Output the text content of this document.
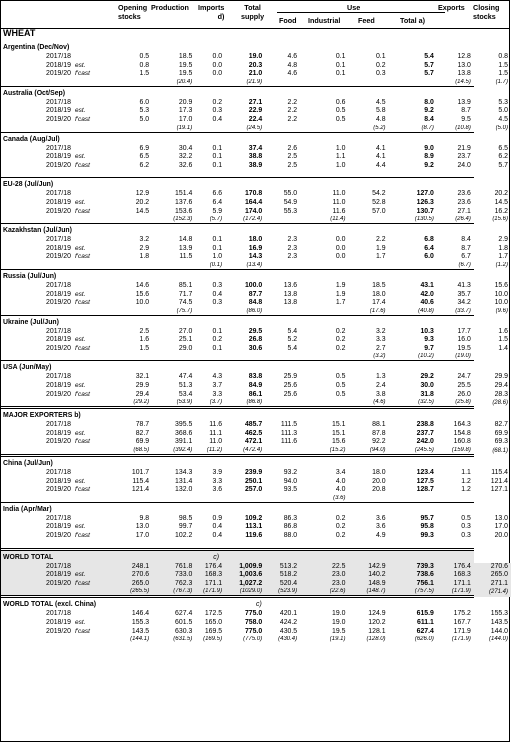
Opening
stocks
Production Imports
d)
Total
supply
Use
Food Industrial Feed	Total a)
Exports Closing
stocks
WHEAT
Argentina (Dec/Nov)													
		2017/18		0.5	18.5	0.0	19.0	4.6	0.1	0.1	5.4	12.8	0.8
		2018/19	est.	0.8	19.5	0.0	20.3	4.8	0.1	0.2	5.7	13.0	1.5
		2019/20	f'cast	1.5	19.5	0.0	21.0	4.6	0.1	0.3	5.7	13.8	1.5
					(20.4)		(21.9)					(14.5)	(1.7)
Australia (Oct/Sep)													
		2017/18		6.0	20.9	0.2	27.1	2.2	0.6	4.5	8.0	13.9	5.3
		2018/19	est.	5.3	17.3	0.3	22.9	2.2	0.5	5.8	9.2	8.7	5.0
		2019/20	f'cast	5.0	17.0	0.4	22.4	2.2	0.5	4.8	8.4	9.5	4.5
					(19.1)		(24.5)			(5.2)	(8.7)	(10.8)	(5.0)
Canada (Aug/Jul)													
		2017/18		6.9	30.4	0.1	37.4	2.6	1.0	4.1	9.0	21.9	6.5
		2018/19	est.	6.5	32.2	0.1	38.8	2.5	1.1	4.1	8.9	23.7	6.2
		2019/20	f'cast	6.2	32.6	0.1	38.9	2.5	1.0	4.4	9.2	24.0	5.7

EU-28 (Jul/Jun)													
		2017/18		12.9	151.4	6.6	170.8	55.0	11.0	54.2	127.0	23.6	20.2
		2018/19	est.	20.2	137.6	6.4	164.4	54.9	11.0	52.8	126.3	23.6	14.5
		2019/20	f'cast	14.5	153.6	5.9	174.0	55.3	11.6	57.0	130.7	27.1	16.2
					(152.3)	(5.7)	(172.4)		(11.4)		(130.5)	(26.4)	(15.6)
Kazakhstan (Jul/Jun)													
		2017/18		3.2	14.8	0.1	18.0	2.3	0.0	2.2	6.8	8.4	2.9
		2018/19	est.	2.9	13.9	0.1	16.9	2.3	0.0	1.9	6.4	8.7	1.8
		2019/20	f'cast	1.8	11.5	1.0	14.3	2.3	0.0	1.7	6.0	6.7	1.7
						(0.1)	(13.4)					(6.7)	(1.2)
Russia (Jul/Jun)													
		2017/18		14.6	85.1	0.3	100.0	13.6	1.9	18.5	43.1	41.3	15.6
		2018/19	est.	15.6	71.7	0.4	87.7	13.8	1.9	18.0	42.0	35.7	10.0
		2019/20	f'cast	10.0	74.5	0.3	84.8	13.8	1.7	17.4	40.6	34.2	10.0
					(75.7)		(86.0)			(17.6)	(40.8)	(33.7)	(9.6)
Ukraine (Jul/Jun)													
		2017/18		2.5	27.0	0.1	29.5	5.4	0.2	3.2	10.3	17.7	1.6
		2018/19	est.	1.6	25.1	0.2	26.8	5.2	0.2	3.3	9.3	16.0	1.5
		2019/20	f'cast	1.5	29.0	0.1	30.6	5.4	0.2	2.7	9.7	19.5	1.4
										(3.2)	(10.2)	(19.0)	
USA (Jun/May)													
		2017/18		32.1	47.4	4.3	83.8	25.9	0.5	1.3	29.2	24.7	29.9
		2018/19	est.	29.9	51.3	3.7	84.9	25.6	0.5	2.4	30.0	25.5	29.4
		2019/20	f'cast	29.4	53.4	3.3	86.1	25.6	0.5	3.8	31.8	26.0	28.3
				(29.2)	(53.9)	(3.7)	(86.8)			(4.6)	(32.5)	(25.8)	(28.6)
MAJOR EXPORTERS b)													
		2017/18		78.7	395.5	11.6	485.7	111.5	15.1	88.1	238.8	164.3	82.7
		2018/19	est.	82.7	368.6	11.1	462.5	111.3	15.1	87.8	237.7	154.8	69.9
		2019/20	f'cast	69.9	391.1	11.0	472.1	111.6	15.6	92.2	242.0	160.8	69.3
				(68.5)	(392.4)	(11.2)	(472.4)		(15.2)	(94.0)	(245.5)	(159.8)	(68.1)
China (Jul/Jun)													
		2017/18		101.7	134.3	3.9	239.9	93.2	3.4	18.0	123.4	1.1	115.4
		2018/19	est.	115.4	131.4	3.3	250.1	94.0	4.0	20.0	127.5	1.2	121.4
		2019/20	f'cast	121.4	132.0	3.6	257.0	93.5	4.0	20.8	128.7	1.2	127.1
									(3.6)				
India (Apr/Mar)													
		2017/18		9.8	98.5	0.9	109.2	86.3	0.2	3.6	95.7	0.5	13.0
		2018/19	est.	13.0	99.7	0.4	113.1	86.8	0.2	3.6	95.8	0.3	17.0
		2019/20	f'cast	17.0	102.2	0.4	119.6	88.0	0.2	4.9	99.3	0.3	20.0

WORLD TOTAL c)													
		2017/18		248.1	761.8	176.4	1,009.9	513.2	22.5	142.9	739.3	176.4	270.6
		2018/19	est.	270.6	733.0	168.3	1,003.6	518.2	23.0	140.2	738.6	168.3	265.0
		2019/20	f'cast	265.0	762.3	171.1	1,027.2	520.4	23.0	148.9	756.1	171.1	271.1
				(265.5)	(767.3)	(171.9)	(1029.0)	(523.9)	(22.6)	(148.7)	(757.5)	(171.9)	(271.4)
WORLD TOTAL (excl. China) c)													
		2017/18		146.4	627.4	172.5	775.0	420.1	19.0	124.9	615.9	175.2	155.3
		2018/19	est.	155.3	601.5	165.0	758.0	424.2	19.0	120.2	611.1	167.7	143.5
		2019/20	f'cast	143.5	630.3	169.5	775.0	430.5	19.5	128.1	627.4	171.9	144.0
				(144.1)	(631.5)	(169.5)	(775.0)	(430.4)	(19.1)	(128.0)	(626.0)	(171.9)	(144.0)
